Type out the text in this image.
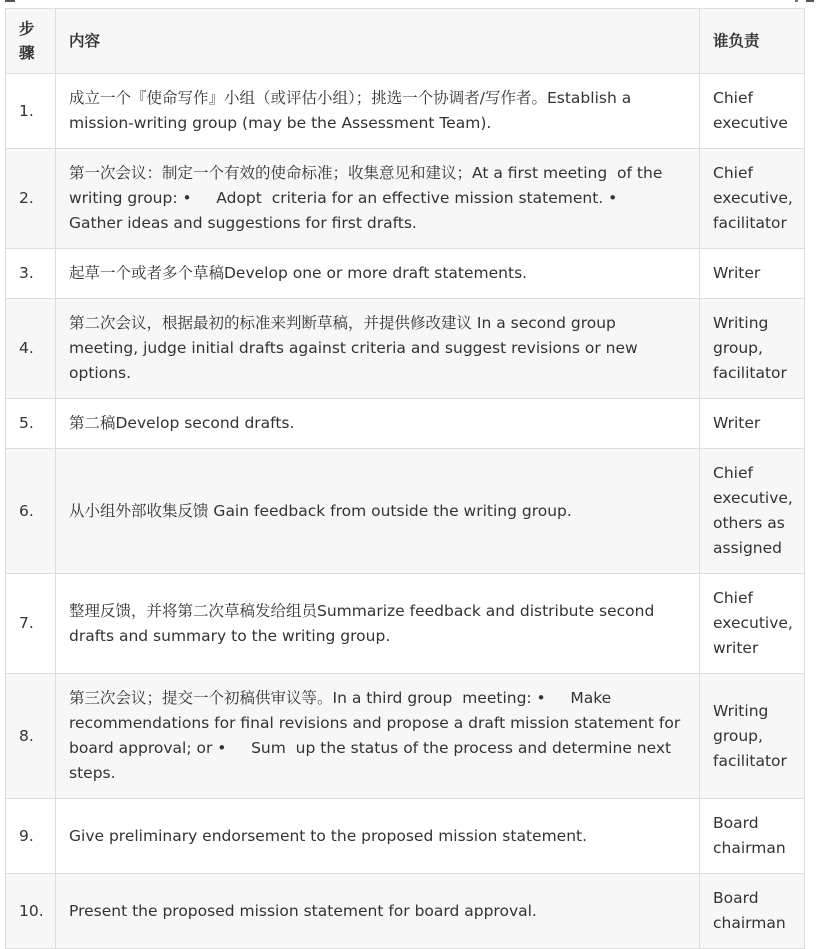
步骤	内容	谁负责
1.	成立一个『使命写作』小组（或评估小组）；挑选一个协调者/写作者。Establish a mission-writing group (may be the Assessment Team).	Chief executive
2.	第一次会议：制定一个有效的使命标准；收集意见和建议；At a first meeting  of the writing group: •     Adopt  criteria for an effective mission statement. •     Gather ideas and suggestions for first drafts.	Chief executive, facilitator
3.	起草一个或者多个草稿Develop one or more draft statements.	Writer
4.	第二次会议，根据最初的标准来判断草稿，并提供修改建议 In a second group meeting, judge initial drafts against criteria and suggest revisions or new options.	Writing group, facilitator
5.	第二稿Develop second drafts.	Writer
6.	从小组外部收集反馈 Gain feedback from outside the writing group.	Chief executive, others as assigned
7.	整理反馈，并将第二次草稿发给组员Summarize feedback and distribute second drafts and summary to the writing group.	Chief executive, writer
8.	第三次会议；提交一个初稿供审议等。In a third group  meeting: •     Make recommendations for final revisions and propose a draft mission statement for board approval; or •     Sum  up the status of the process and determine next steps.	Writing group, facilitator
9.	Give preliminary endorsement to the proposed mission statement.	Board chairman
10.	Present the proposed mission statement for board approval.	Board chairman
